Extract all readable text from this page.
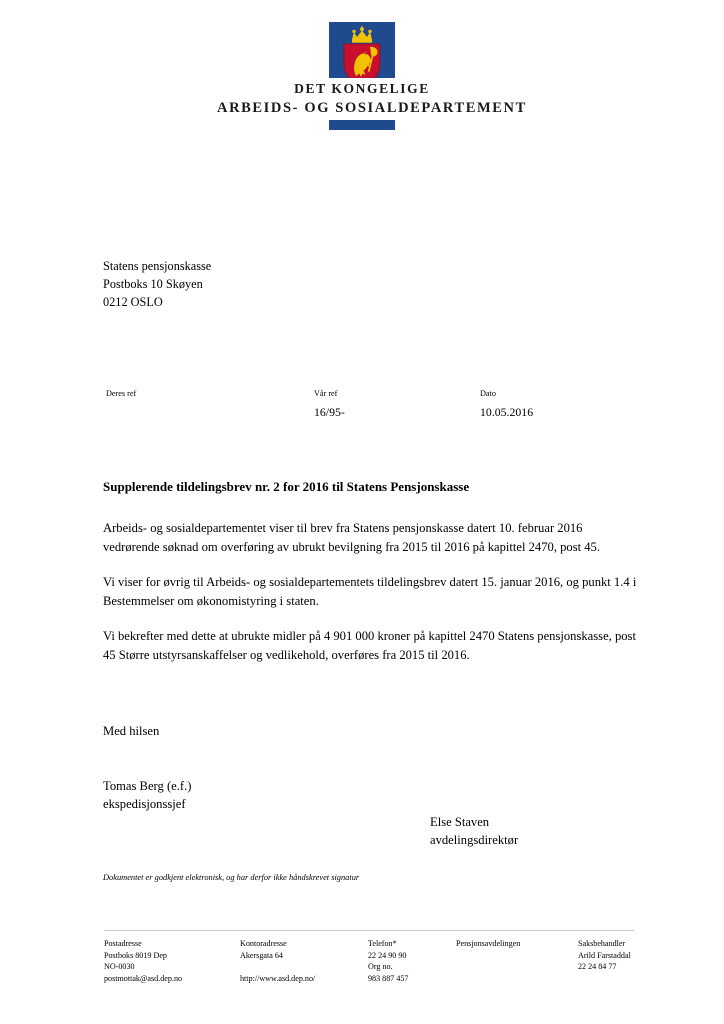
DET KONGELIGE
ARBEIDS- OG SOSIALDEPARTEMENT
Statens pensjonskasse
Postboks 10 Skøyen
0212 OSLO
Deres ref	Vår ref
16/95-
Dato
10.05.2016
Supplerende tildelingsbrev nr. 2 for 2016 til Statens Pensjonskasse

Arbeids- og sosialdepartementet viser til brev fra Statens pensjonskasse datert 10. februar 2016 vedrørende søknad om overføring av ubrukt bevilgning fra 2015 til 2016 på kapittel 2470, post 45.

Vi viser for øvrig til Arbeids- og sosialdepartementets tildelingsbrev datert 15. januar 2016, og punkt 1.4 i Bestemmelser om økonomistyring i staten.

Vi bekrefter med dette at ubrukte midler på 4 901 000 kroner på kapittel 2470 Statens pensjonskasse, post 45 Større utstyrsanskaffelser og vedlikehold, overføres fra 2015 til 2016.

Med hilsen
Tomas Berg (e.f.)
ekspedisjonssjef
Else Staven
avdelingsdirektør
Dokumentet er godkjent elektronisk, og har derfor ikke håndskrevet signatur
Postadresse
Postboks 8019 Dep
NO-0030
postmottak@asd.dep.no
Kontoradresse
Akersgata 64

http://www.asd.dep.no/
Telefon*
22 24 90 90
Org no.
983 887 457
Pensjonsavdelingen	Saksbehandler
Arild Farstaddal
22 24 84 77
